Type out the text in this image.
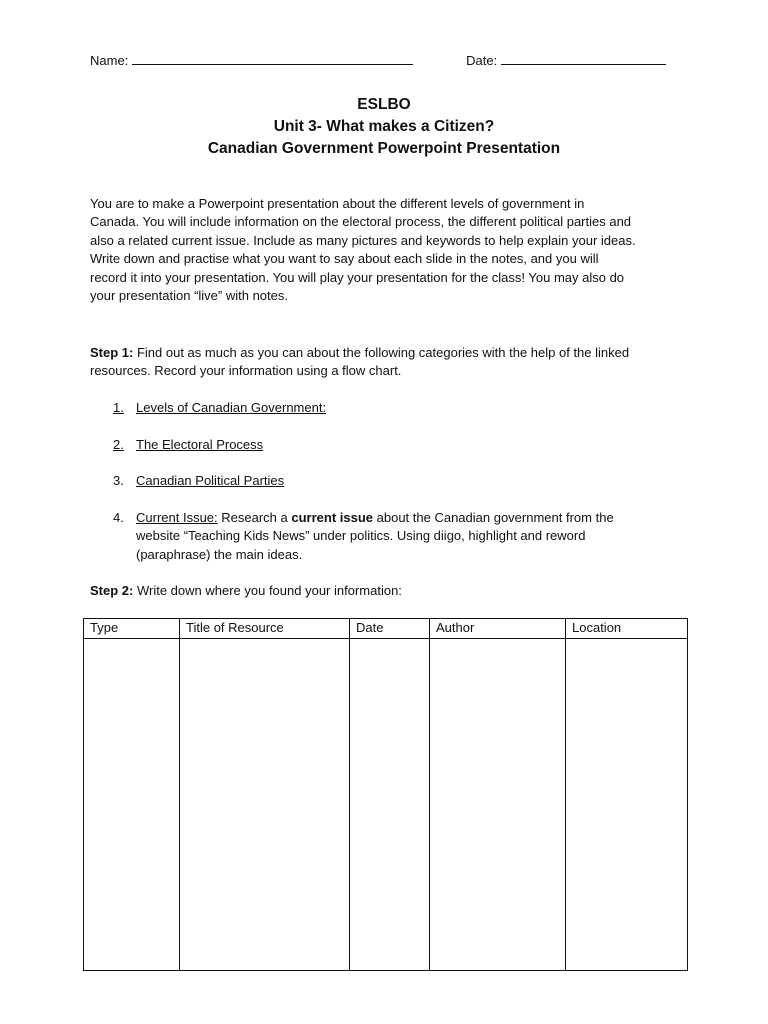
Name:	Date:
ESLBO
Unit 3- What makes a Citizen?
Canadian Government Powerpoint Presentation
You are to make a Powerpoint presentation about the different levels of government in
Canada. You will include information on the electoral process, the different political parties and
also a related current issue. Include as many pictures and keywords to help explain your ideas.
Write down and practise what you want to say about each slide in the notes, and you will
record it into your presentation. You will play your presentation for the class! You may also do
your presentation “live” with notes.
Step 1: Find out as much as you can about the following categories with the help of the linked
resources. Record your information using a flow chart.
1. Levels of Canadian Government:
2. The Electoral Process
3. Canadian Political Parties
4. Current Issue: Research a current issue about the Canadian government from the
website “Teaching Kids News” under politics. Using diigo, highlight and reword
(paraphrase) the main ideas.
Step 2: Write down where you found your information:
Type	Title of Resource	Date	Author	Location
